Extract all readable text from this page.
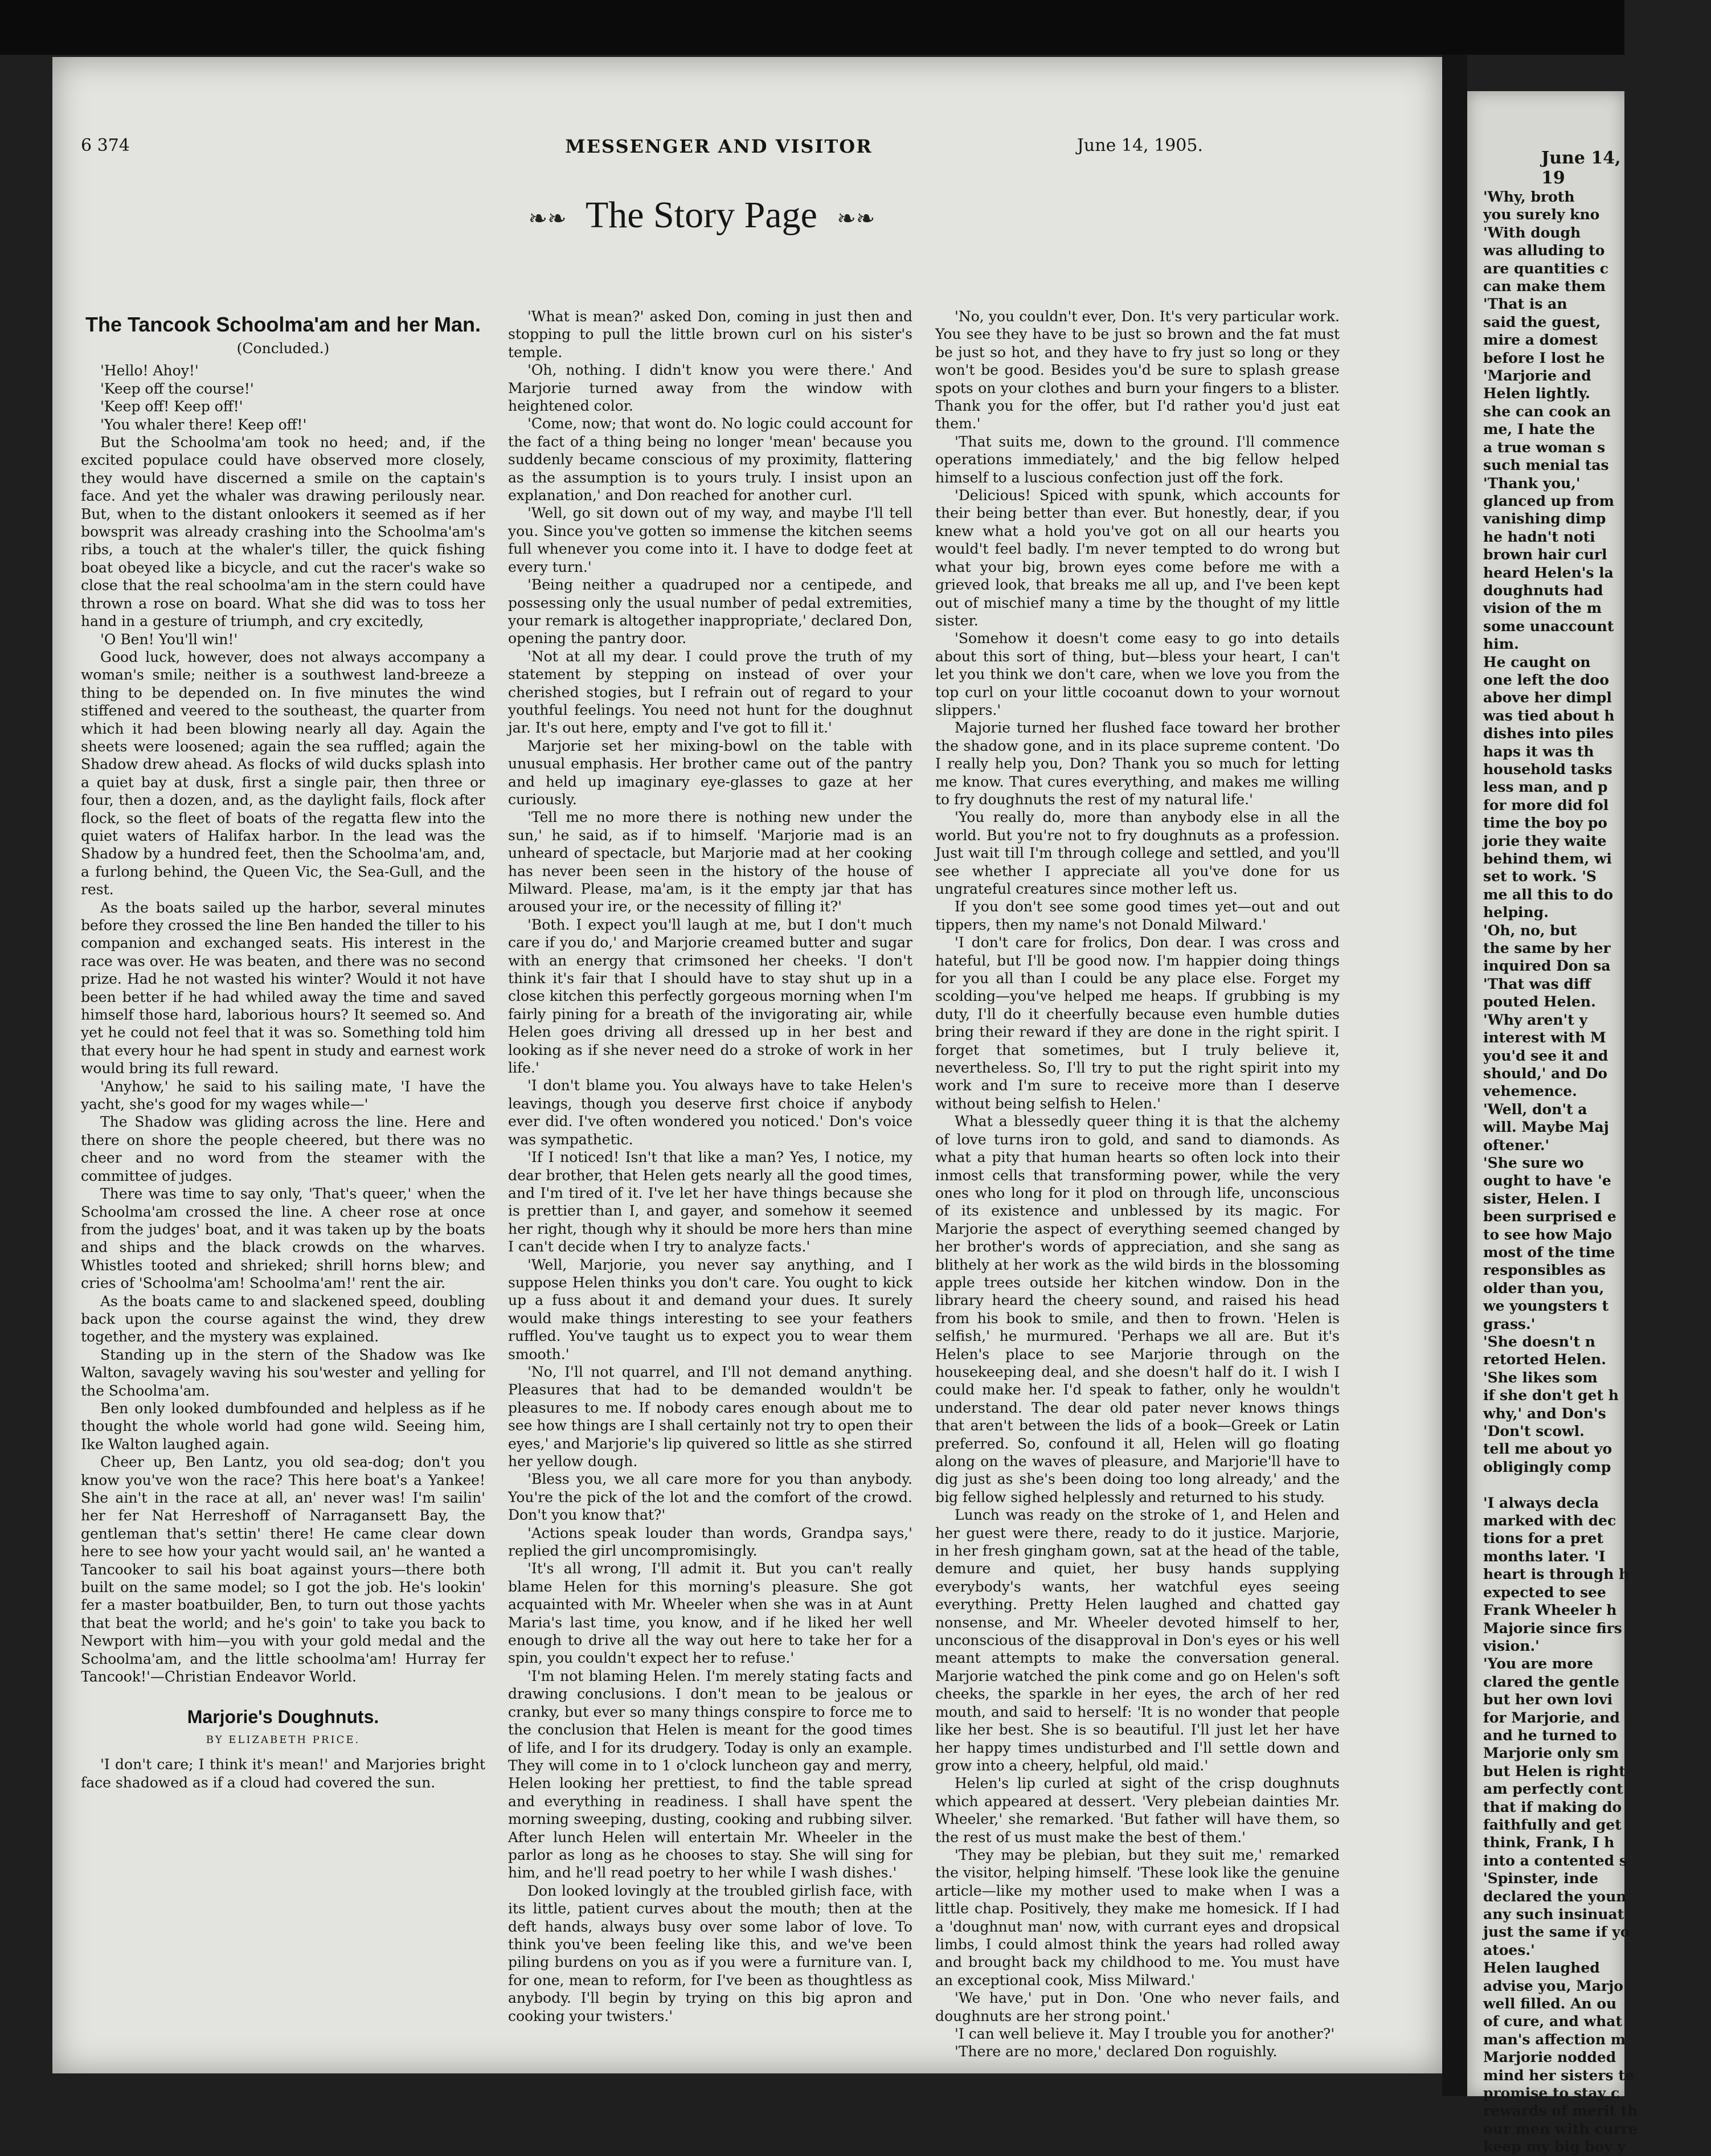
6 374	MESSENGER AND VISITOR	June 14, 1905.
❧❧ The Story Page ❧❧
The Tancook Schoolma'am and her Man.
(Concluded.)

'Hello! Ahoy!'

'Keep off the course!'

'Keep off! Keep off!'

'You whaler there! Keep off!'

But the Schoolma'am took no heed; and, if the excited populace could have observed more closely, they would have discerned a smile on the captain's face. And yet the whaler was drawing perilously near. But, when to the distant onlookers it seemed as if her bowsprit was already crashing into the Schoolma'am's ribs, a touch at the whaler's tiller, the quick fishing boat obeyed like a bicycle, and cut the racer's wake so close that the real schoolma'am in the stern could have thrown a rose on board. What she did was to toss her hand in a gesture of triumph, and cry excitedly,

'O Ben! You'll win!'

Good luck, however, does not always accompany a woman's smile; neither is a southwest land-breeze a thing to be depended on. In five minutes the wind stiffened and veered to the southeast, the quarter from which it had been blowing nearly all day. Again the sheets were loosened; again the sea ruffled; again the Shadow drew ahead. As flocks of wild ducks splash into a quiet bay at dusk, first a single pair, then three or four, then a dozen, and, as the daylight fails, flock after flock, so the fleet of boats of the regatta flew into the quiet waters of Halifax harbor. In the lead was the Shadow by a hundred feet, then the Schoolma'am, and, a furlong behind, the Queen Vic, the Sea-Gull, and the rest.

As the boats sailed up the harbor, several minutes before they crossed the line Ben handed the tiller to his companion and exchanged seats. His interest in the race was over. He was beaten, and there was no second prize. Had he not wasted his winter? Would it not have been better if he had whiled away the time and saved himself those hard, laborious hours? It seemed so. And yet he could not feel that it was so. Something told him that every hour he had spent in study and earnest work would bring its full reward.

'Anyhow,' he said to his sailing mate, 'I have the yacht, she's good for my wages while—'

The Shadow was gliding across the line. Here and there on shore the people cheered, but there was no cheer and no word from the steamer with the committee of judges.

There was time to say only, 'That's queer,' when the Schoolma'am crossed the line. A cheer rose at once from the judges' boat, and it was taken up by the boats and ships and the black crowds on the wharves. Whistles tooted and shrieked; shrill horns blew; and cries of 'Schoolma'am! Schoolma'am!' rent the air.

As the boats came to and slackened speed, doubling back upon the course against the wind, they drew together, and the mystery was explained.

Standing up in the stern of the Shadow was Ike Walton, savagely waving his sou'wester and yelling for the Schoolma'am.

Ben only looked dumbfounded and helpless as if he thought the whole world had gone wild. Seeing him, Ike Walton laughed again.

Cheer up, Ben Lantz, you old sea-dog; don't you know you've won the race? This here boat's a Yankee! She ain't in the race at all, an' never was! I'm sailin' her fer Nat Herreshoff of Narragansett Bay, the gentleman that's settin' there! He came clear down here to see how your yacht would sail, an' he wanted a Tancooker to sail his boat against yours—there both built on the same model; so I got the job. He's lookin' fer a master boatbuilder, Ben, to turn out those yachts that beat the world; and he's goin' to take you back to Newport with him—you with your gold medal and the Schoolma'am, and the little schoolma'am! Hurray fer Tancook!'—Christian Endeavor World.

Marjorie's Doughnuts.
BY ELIZABETH PRICE.

'I don't care; I think it's mean!' and Marjories bright face shadowed as if a cloud had covered the sun.

'What is mean?' asked Don, coming in just then and stopping to pull the little brown curl on his sister's temple.

'Oh, nothing. I didn't know you were there.' And Marjorie turned away from the window with heightened color.

'Come, now; that wont do. No logic could account for the fact of a thing being no longer 'mean' because you suddenly became conscious of my proximity, flattering as the assumption is to yours truly. I insist upon an explanation,' and Don reached for another curl.

'Well, go sit down out of my way, and maybe I'll tell you. Since you've gotten so immense the kitchen seems full whenever you come into it. I have to dodge feet at every turn.'

'Being neither a quadruped nor a centipede, and possessing only the usual number of pedal extremities, your remark is altogether inappropriate,' declared Don, opening the pantry door.

'Not at all my dear. I could prove the truth of my statement by stepping on instead of over your cherished stogies, but I refrain out of regard to your youthful feelings. You need not hunt for the doughnut jar. It's out here, empty and I've got to fill it.'

Marjorie set her mixing-bowl on the table with unusual emphasis. Her brother came out of the pantry and held up imaginary eye-glasses to gaze at her curiously.

'Tell me no more there is nothing new under the sun,' he said, as if to himself. 'Marjorie mad is an unheard of spectacle, but Marjorie mad at her cooking has never been seen in the history of the house of Milward. Please, ma'am, is it the empty jar that has aroused your ire, or the necessity of filling it?'

'Both. I expect you'll laugh at me, but I don't much care if you do,' and Marjorie creamed butter and sugar with an energy that crimsoned her cheeks. 'I don't think it's fair that I should have to stay shut up in a close kitchen this perfectly gorgeous morning when I'm fairly pining for a breath of the invigorating air, while Helen goes driving all dressed up in her best and looking as if she never need do a stroke of work in her life.'

'I don't blame you. You always have to take Helen's leavings, though you deserve first choice if anybody ever did. I've often wondered you noticed.' Don's voice was sympathetic.

'If I noticed! Isn't that like a man? Yes, I notice, my dear brother, that Helen gets nearly all the good times, and I'm tired of it. I've let her have things because she is prettier than I, and gayer, and somehow it seemed her right, though why it should be more hers than mine I can't decide when I try to analyze facts.'

'Well, Marjorie, you never say anything, and I suppose Helen thinks you don't care. You ought to kick up a fuss about it and demand your dues. It surely would make things interesting to see your feathers ruffled. You've taught us to expect you to wear them smooth.'

'No, I'll not quarrel, and I'll not demand anything. Pleasures that had to be demanded wouldn't be pleasures to me. If nobody cares enough about me to see how things are I shall certainly not try to open their eyes,' and Marjorie's lip quivered so little as she stirred her yellow dough.

'Bless you, we all care more for you than anybody. You're the pick of the lot and the comfort of the crowd. Don't you know that?'

'Actions speak louder than words, Grandpa says,' replied the girl uncompromisingly.

'It's all wrong, I'll admit it. But you can't really blame Helen for this morning's pleasure. She got acquainted with Mr. Wheeler when she was in at Aunt Maria's last time, you know, and if he liked her well enough to drive all the way out here to take her for a spin, you couldn't expect her to refuse.'

'I'm not blaming Helen. I'm merely stating facts and drawing conclusions. I don't mean to be jealous or cranky, but ever so many things conspire to force me to the conclusion that Helen is meant for the good times of life, and I for its drudgery. Today is only an example. They will come in to 1 o'clock luncheon gay and merry, Helen looking her prettiest, to find the table spread and everything in readiness. I shall have spent the morning sweeping, dusting, cooking and rubbing silver. After lunch Helen will entertain Mr. Wheeler in the parlor as long as he chooses to stay. She will sing for him, and he'll read poetry to her while I wash dishes.'

Don looked lovingly at the troubled girlish face, with its little, patient curves about the mouth; then at the deft hands, always busy over some labor of love. To think you've been feeling like this, and we've been piling burdens on you as if you were a furniture van. I, for one, mean to reform, for I've been as thoughtless as anybody. I'll begin by trying on this big apron and cooking your twisters.'

'No, you couldn't ever, Don. It's very particular work. You see they have to be just so brown and the fat must be just so hot, and they have to fry just so long or they won't be good. Besides you'd be sure to splash grease spots on your clothes and burn your fingers to a blister. Thank you for the offer, but I'd rather you'd just eat them.'

'That suits me, down to the ground. I'll commence operations immediately,' and the big fellow helped himself to a luscious confection just off the fork.

'Delicious! Spiced with spunk, which accounts for their being better than ever. But honestly, dear, if you knew what a hold you've got on all our hearts you would't feel badly. I'm never tempted to do wrong but what your big, brown eyes come before me with a grieved look, that breaks me all up, and I've been kept out of mischief many a time by the thought of my little sister.

'Somehow it doesn't come easy to go into details about this sort of thing, but—bless your heart, I can't let you think we don't care, when we love you from the top curl on your little cocoanut down to your wornout slippers.'

Majorie turned her flushed face toward her brother the shadow gone, and in its place supreme content. 'Do I really help you, Don? Thank you so much for letting me know. That cures everything, and makes me willing to fry doughnuts the rest of my natural life.'

'You really do, more than anybody else in all the world. But you're not to fry doughnuts as a profession. Just wait till I'm through college and settled, and you'll see whether I appreciate all you've done for us ungrateful creatures since mother left us.

If you don't see some good times yet—out and out tippers, then my name's not Donald Milward.'

'I don't care for frolics, Don dear. I was cross and hateful, but I'll be good now. I'm happier doing things for you all than I could be any place else. Forget my scolding—you've helped me heaps. If grubbing is my duty, I'll do it cheerfully because even humble duties bring their reward if they are done in the right spirit. I forget that sometimes, but I truly believe it, nevertheless. So, I'll try to put the right spirit into my work and I'm sure to receive more than I deserve without being selfish to Helen.'

What a blessedly queer thing it is that the alchemy of love turns iron to gold, and sand to diamonds. As what a pity that human hearts so often lock into their inmost cells that transforming power, while the very ones who long for it plod on through life, unconscious of its existence and unblessed by its magic. For Marjorie the aspect of everything seemed changed by her brother's words of appreciation, and she sang as blithely at her work as the wild birds in the blossoming apple trees outside her kitchen window. Don in the library heard the cheery sound, and raised his head from his book to smile, and then to frown. 'Helen is selfish,' he murmured. 'Perhaps we all are. But it's Helen's place to see Marjorie through on the housekeeping deal, and she doesn't half do it. I wish I could make her. I'd speak to father, only he wouldn't understand. The dear old pater never knows things that aren't between the lids of a book—Greek or Latin preferred. So, confound it all, Helen will go floating along on the waves of pleasure, and Marjorie'll have to dig just as she's been doing too long already,' and the big fellow sighed helplessly and returned to his study.

Lunch was ready on the stroke of 1, and Helen and her guest were there, ready to do it justice. Marjorie, in her fresh gingham gown, sat at the head of the table, demure and quiet, her busy hands supplying everybody's wants, her watchful eyes seeing everything. Pretty Helen laughed and chatted gay nonsense, and Mr. Wheeler devoted himself to her, unconscious of the disapproval in Don's eyes or his well meant attempts to make the conversation general. Marjorie watched the pink come and go on Helen's soft cheeks, the sparkle in her eyes, the arch of her red mouth, and said to herself: 'It is no wonder that people like her best. She is so beautiful. I'll just let her have her happy times undisturbed and I'll settle down and grow into a cheery, helpful, old maid.'

Helen's lip curled at sight of the crisp doughnuts which appeared at dessert. 'Very plebeian dainties Mr. Wheeler,' she remarked. 'But father will have them, so the rest of us must make the best of them.'

'They may be plebian, but they suit me,' remarked the visitor, helping himself. 'These look like the genuine article—like my mother used to make when I was a little chap. Positively, they make me homesick. If I had a 'doughnut man' now, with currant eyes and dropsical limbs, I could almost think the years had rolled away and brought back my childhood to me. You must have an exceptional cook, Miss Milward.'

'We have,' put in Don. 'One who never fails, and doughnuts are her strong point.'

'I can well believe it. May I trouble you for another?'

'There are no more,' declared Don roguishly.

June 14, 19

'Why, broth

you surely kno

'With dough

was alluding to

are quantities c

can make them

'That is an

said the guest,

mire a domest

before I lost he

'Marjorie and

Helen lightly.

she can cook an

me, I hate the

a true woman s

such menial tas

'Thank you,'

glanced up from

vanishing dimp

he hadn't noti

brown hair curl

heard Helen's la

doughnuts had

vision of the m

some unaccount

him.

He caught on

one left the doo

above her dimpl

was tied about h

dishes into piles

haps it was th

household tasks

less man, and p

for more did fol

time the boy po

jorie they waite

behind them, wi

set to work. 'S

me all this to do

helping.

'Oh, no, but

the same by her

inquired Don sa

'That was diff

pouted Helen.

'Why aren't y

interest with M

you'd see it and

should,' and Do

vehemence.

'Well, don't a

will. Maybe Maj

oftener.'

'She sure wo

ought to have 'e

sister, Helen. I

been surprised e

to see how Majo

most of the time

responsibles as

older than you,

we youngsters t

grass.'

'She doesn't n

retorted Helen.

'She likes som

if she don't get h

why,' and Don's

'Don't scowl.

tell me about yo

obligingly comp

'I always decla

marked with dec

tions for a pret

months later. 'I

heart is through h

expected to see

Frank Wheeler h

Majorie since firs

vision.'

'You are more

clared the gentle

but her own lovi

for Marjorie, and

and he turned to

Marjorie only sm

but Helen is right

am perfectly cont

that if making do

faithfully and get

think, Frank, I h

into a contented s

'Spinster, inde

declared the youn

any such insinuat

just the same if yo

atoes.'

Helen laughed

advise you, Marjo

well filled. An ou

of cure, and what

man's affection m

Marjorie nodded

mind her sisters te

promise to stay c

rewards of merit th

our men with curre

keep my big boy y
